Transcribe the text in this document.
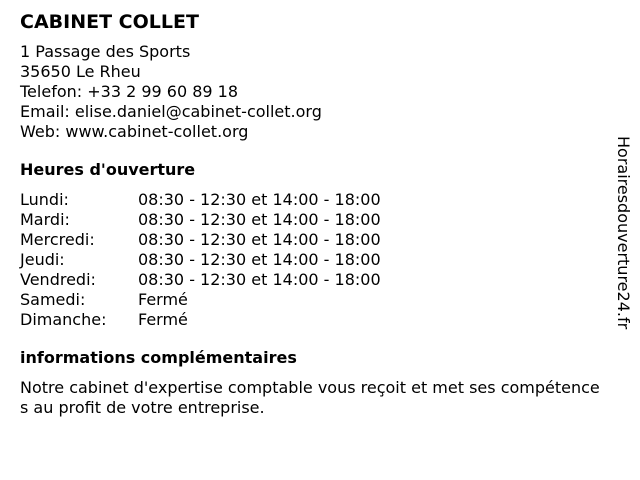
CABINET COLLET
1 Passage des Sports
35650 Le Rheu
Telefon: +33 2 99 60 89 18
Email: elise.daniel@cabinet-collet.org
Web: www.cabinet-collet.org
Heures d'ouverture
Lundi:	08:30 - 12:30 et 14:00 - 18:00
Mardi:	08:30 - 12:30 et 14:00 - 18:00
Mercredi:	08:30 - 12:30 et 14:00 - 18:00
Jeudi:	08:30 - 12:30 et 14:00 - 18:00
Vendredi:	08:30 - 12:30 et 14:00 - 18:00
Samedi:	Fermé
Dimanche:	Fermé
informations complémentaires
Notre cabinet d'expertise comptable vous reçoit et met ses compétences au profit de votre entreprise.
Horairesdouverture24.fr
